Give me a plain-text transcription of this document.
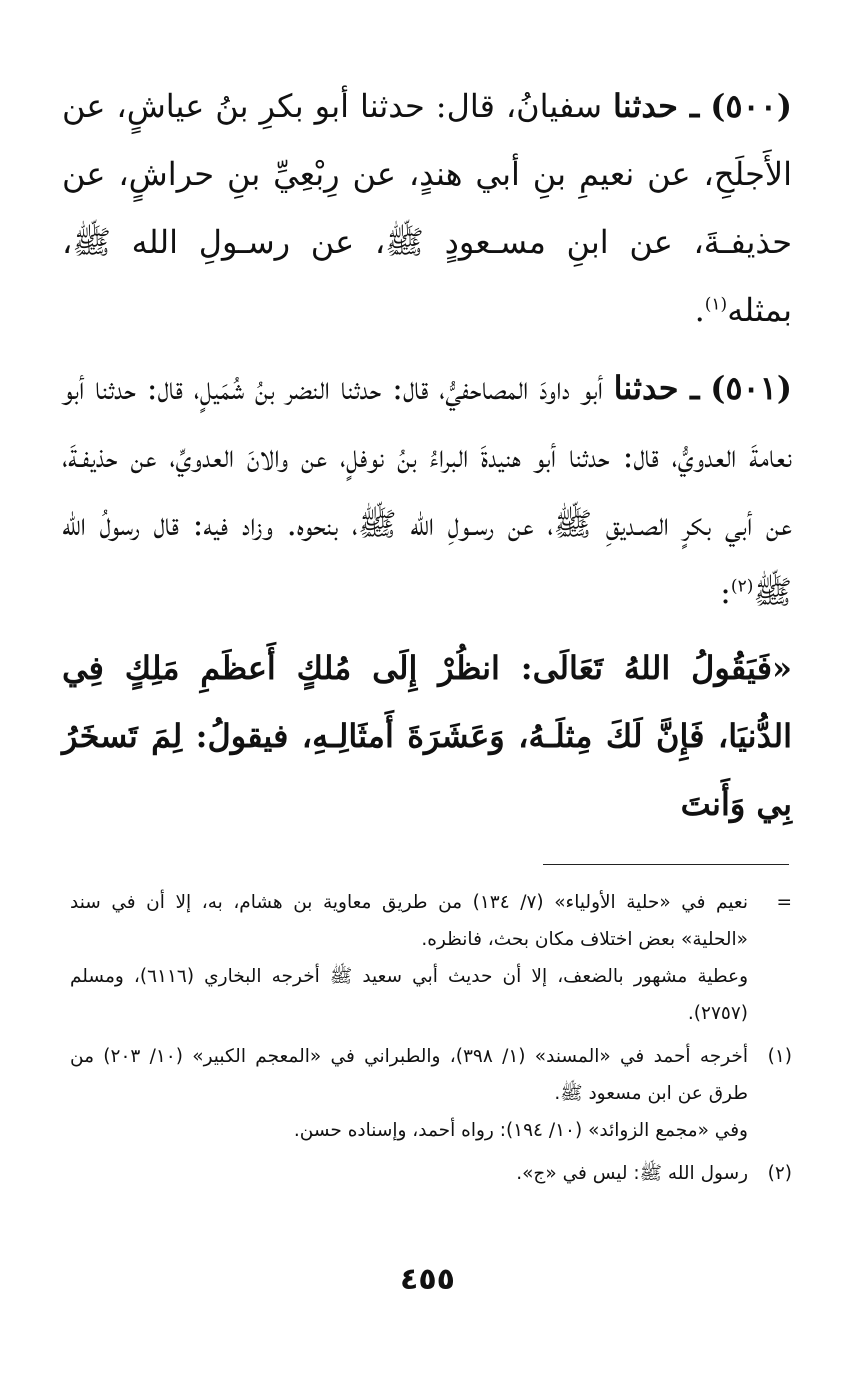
(٥٠٠) ـ حدثنا سفيانُ، قال: حدثنا أبو بكرِ بنُ عياشٍ، عن الأَجلَحِ، عن نعيمِ بنِ أبي هندٍ، عن رِبْعِيِّ بنِ حراشٍ، عن حذيفـةَ، عن ابنِ مسـعودٍ ﷺ، عن رسـولِ الله ﷺ، بمثله$^{(١)}$.

(٥٠١) ـ حدثنا أبو داودَ المصاحفيُّ، قال: حدثنا النضر بنُ شُمَيلٍ، قال: حدثنا أبو نعامةَ العدويُّ، قال: حدثنا أبو هنيدةَ البراءُ بنُ نوفلٍ، عن والانَ العدويِّ، عن حذيفـةَ، عن أبي بكرٍ الصـديقِ ﷺ، عن رسـولِ الله ﷺ، بنحوه. وزاد فيه: قال رسولُ الله ﷺ$^{(٢)}$:

«فَيَقُولُ اللهُ تَعَالَى: انظُرْ إِلَى مُلكٍ أَعظَمِ مَلِكٍ فِي الدُّنيَا، فَإِنَّ لَكَ مِثلَـهُ، وَعَشَرَةَ أَمثَالِـهِ، فيقولُ: لِمَ تَسخَرُ بِي وَأَنتَ

=

نعيم في «حلية الأولياء» (٧/ ١٣٤) من طريق معاوية بن هشام، به، إلا أن في سند «الحلية» بعض اختلاف مكان بحث، فانظره.

وعطية مشهور بالضعف، إلا أن حديث أبي سعيد ﷺ أخرجه البخاري (٦١١٦)، ومسلم (٢٧٥٧).

(١)

أخرجه أحمد في «المسند» (١/ ٣٩٨)، والطبراني في «المعجم الكبير» (١٠/ ٢٠٣) من طرق عن ابن مسعود ﷺ.

وفي «مجمع الزوائد» (١٠/ ١٩٤): رواه أحمد، وإسناده حسن.

(٢)

رسول الله ﷺ: ليس في «ج».

٤٥٥
